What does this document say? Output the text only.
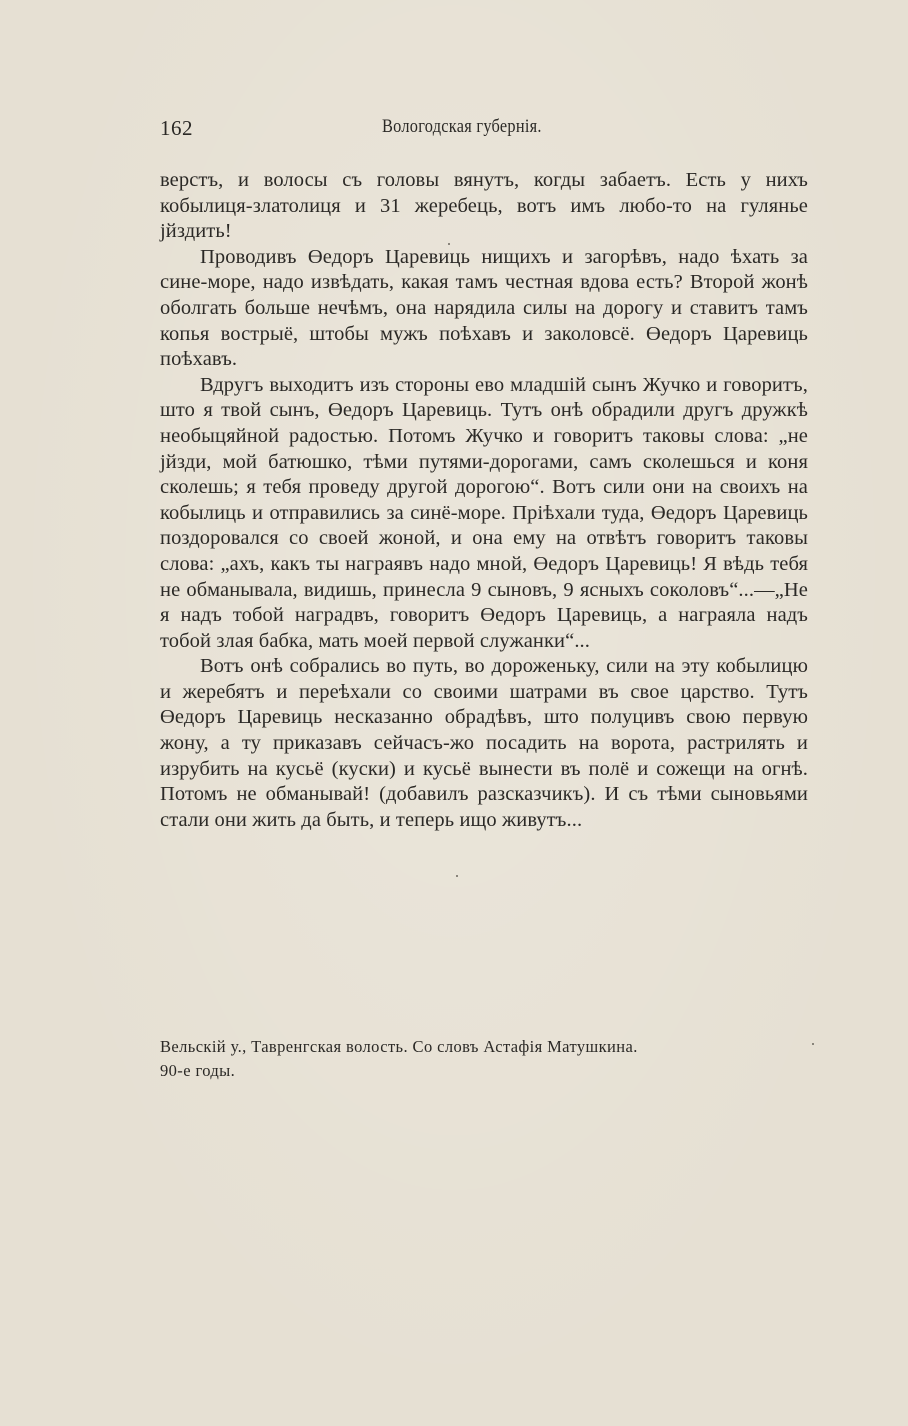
162	Вологодская губернія.

верстъ, и волосы съ головы вянутъ, когды забаетъ. Есть у нихъ кобылиця-златолиця и 31 жеребець, вотъ имъ любо-то на гулянье јйздить!

Проводивъ Өедоръ Царевиць нищихъ и загорѣвъ, надо ѣхать за сине-море, надо извѣдать, какая тамъ честная вдова есть? Второй жонѣ оболгать больше нечѣмъ, она нарядила силы на дорогу и ставитъ тамъ копья вострыё, штобы мужъ поѣхавъ и заколовсё. Өедоръ Царевиць поѣхавъ.

Вдругъ выходитъ изъ стороны ево младшій сынъ Жучко и говоритъ, што я твой сынъ, Өедоръ Царевиць. Тутъ онѣ обрадили другъ дружкѣ необыцяйной радостью. Потомъ Жучко и говоритъ таковы слова: „не јйзди, мой батюшко, тѣми путями-дорогами, самъ сколешься и коня сколешь; я тебя проведу другой дорогою“. Вотъ сили они на своихъ на кобылиць и отправились за синё-море. Пріѣхали туда, Өедоръ Царевиць поздоровался со своей жоной, и она ему на отвѣтъ говоритъ таковы слова: „ахъ, какъ ты награявъ надо мной, Өедоръ Царевиць! Я вѣдь тебя не обманывала, видишь, принесла 9 сыновъ, 9 ясныхъ соколовъ“...—„Не я надъ тобой наградвъ, говоритъ Өедоръ Царевиць, а награяла надъ тобой злая бабка, мать моей первой служанки“...

Вотъ онѣ собрались во путь, во дороженьку, сили на эту кобылицю и жеребятъ и переѣхали со своими шатрами въ свое царство. Тутъ Өедоръ Царевиць несказанно обрадѣвъ, што полуцивъ свою первую жону, а ту приказавъ сейчасъ-жо посадить на ворота, растрилять и изрубить на кусьё (куски) и кусьё вынести въ полё и сожещи на огнѣ. Потомъ не обманывай! (добавилъ разсказчикъ). И съ тѣми сыновьями стали они жить да быть, и теперь ищо живутъ...

Вельскій у., Тавренгская волость. Со словъ Астафія Матушкина.
90-е годы.
